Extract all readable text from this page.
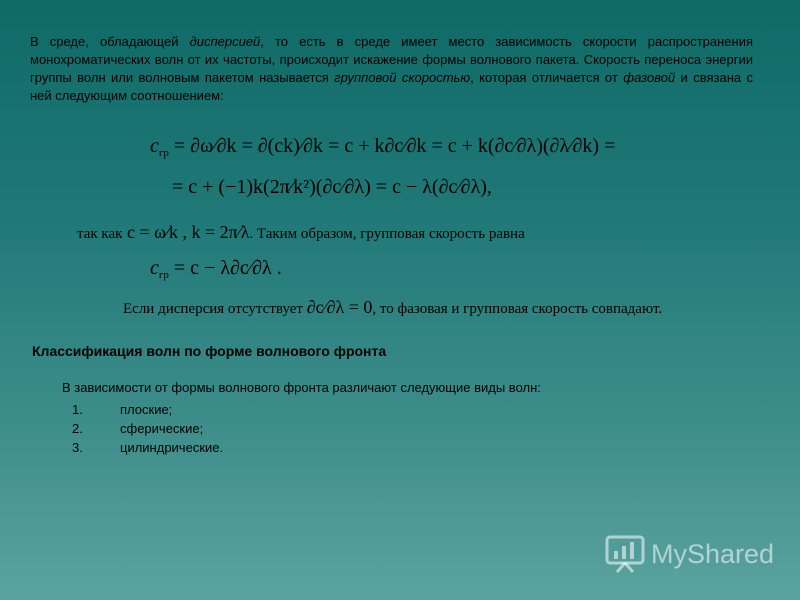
В среде, обладающей дисперсией, то есть в среде имеет место зависимость скорости распространения монохроматических волн от их частоты, происходит искажение формы волнового пакета. Скорость переноса энергии группы волн или волновым пакетом называется групповой скоростью, которая отличается от фазовой и связана с ней следующим соотношением:
$c_{гр}$ = ∂ω∕∂k = ∂(ck)∕∂k = c + k∂c∕∂k = c + k(∂c∕∂λ)(∂λ∕∂k) =
= c + (−1)k(2π∕k²)(∂c∕∂λ) = c − λ(∂c∕∂λ),
так как c = ω∕k , k = 2π∕λ. Таким образом, групповая скорость равна
$c_{гр} = c$ − λ∂c∕∂λ .
Если дисперсия отсутствует ∂c∕∂λ = 0, то фазовая и групповая скорость совпадают.
Классификация волн по форме волнового фронта
В зависимости от формы волнового фронта различают следующие виды волн:
1.	плоские;
2.	сферические;
3.	цилиндрические.
MyShared
